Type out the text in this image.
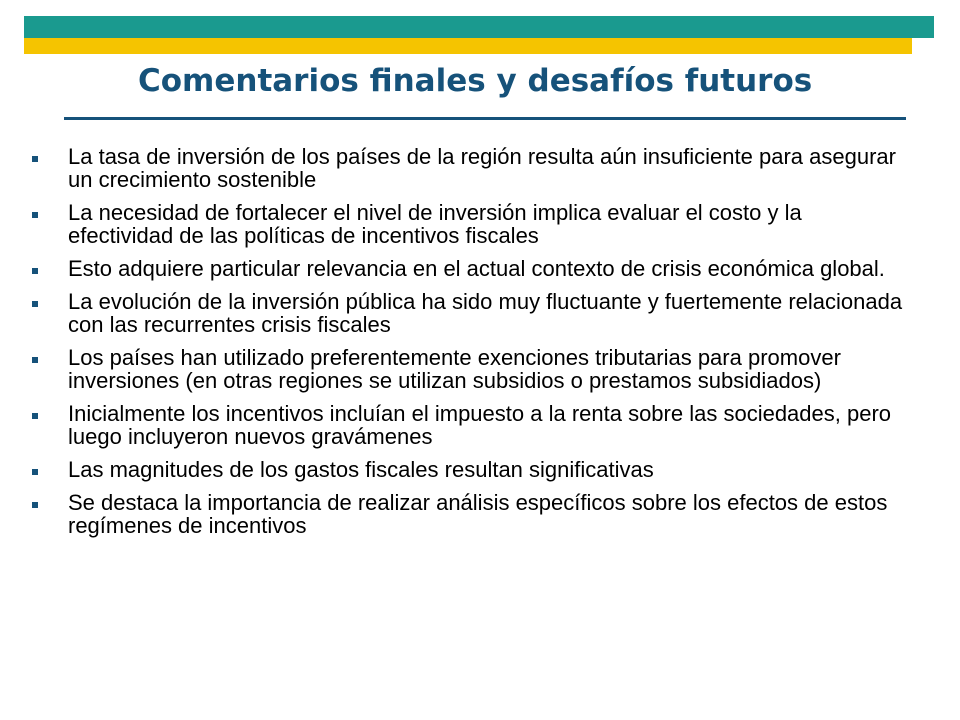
Comentarios finales y desafíos futuros
La tasa de inversión de los países de la región resulta aún insuficiente para asegurar un crecimiento sostenible
La necesidad de fortalecer el nivel de inversión implica evaluar el costo y la efectividad de las políticas de incentivos fiscales
Esto adquiere particular relevancia en el actual contexto de crisis económica global.
La evolución de la inversión pública ha sido muy fluctuante y fuertemente relacionada con las recurrentes crisis fiscales
Los países han utilizado preferentemente exenciones tributarias para promover inversiones (en otras regiones se utilizan subsidios o prestamos subsidiados)
Inicialmente los incentivos incluían el impuesto a la renta sobre las sociedades, pero luego incluyeron nuevos gravámenes
Las magnitudes de los gastos fiscales resultan significativas
Se destaca la importancia de realizar análisis específicos sobre los efectos de estos regímenes de incentivos
